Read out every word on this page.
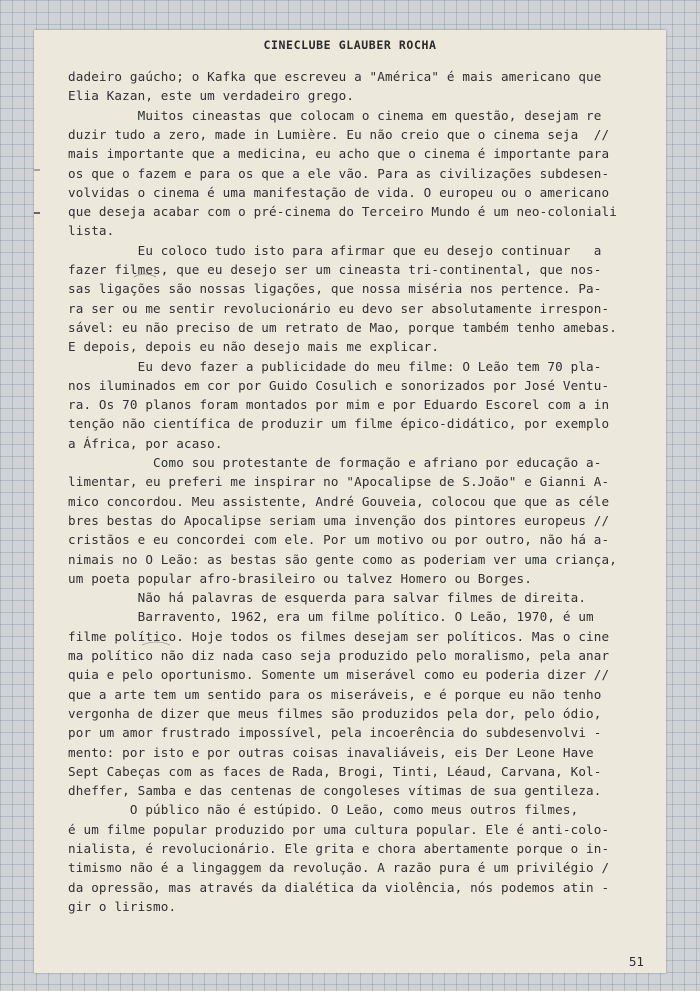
CINECLUBE GLAUBER ROCHA
dadeiro gaúcho; o Kafka que escreveu a "América" é mais americano que
Elia Kazan, este um verdadeiro grego.
Muitos cineastas que colocam o cinema em questão, desejam re
duzir tudo a zero, made in Lumière. Eu não creio que o cinema seja  //
mais importante que a medicina, eu acho que o cinema é importante para
os que o fazem e para os que a ele vão. Para as civilizações subdesen-
volvidas o cinema é uma manifestação de vida. O europeu ou o americano
que deseja acabar com o pré-cinema do Terceiro Mundo é um neo-coloniali
lista.
Eu coloco tudo isto para afirmar que eu desejo continuar   a
fazer filmes, que eu desejo ser um cineasta tri-continental, que nos-
sas ligações são nossas ligações, que nossa miséria nos pertence. Pa-
ra ser ou me sentir revolucionário eu devo ser absolutamente irrespon-
sável: eu não preciso de um retrato de Mao, porque também tenho amebas.
E depois, depois eu não desejo mais me explicar.
Eu devo fazer a publicidade do meu filme: O Leão tem 70 pla-
nos iluminados em cor por Guido Cosulich e sonorizados por José Ventu-
ra. Os 70 planos foram montados por mim e por Eduardo Escorel com a in
tenção não científica de produzir um filme épico-didático, por exemplo
a África, por acaso.
Como sou protestante de formação e afriano por educação a-
limentar, eu preferi me inspirar no "Apocalipse de S.João" e Gianni A-
mico concordou. Meu assistente, André Gouveia, colocou que que as céle
bres bestas do Apocalipse seriam uma invenção dos pintores europeus //
cristãos e eu concordei com ele. Por um motivo ou por outro, não há a-
nimais no O Leão: as bestas são gente como as poderiam ver uma criança,
um poeta popular afro-brasileiro ou talvez Homero ou Borges.
Não há palavras de esquerda para salvar filmes de direita.
Barravento, 1962, era um filme político. O Leão, 1970, é um
filme político. Hoje todos os filmes desejam ser políticos. Mas o cine
ma político não diz nada caso seja produzido pelo moralismo, pela anar
quia e pelo oportunismo. Somente um miserável como eu poderia dizer //
que a arte tem um sentido para os miseráveis, e é porque eu não tenho
vergonha de dizer que meus filmes são produzidos pela dor, pelo ódio,
por um amor frustrado impossível, pela incoerência do subdesenvolvi -
mento: por isto e por outras coisas inavaliáveis, eis Der Leone Have
Sept Cabeças com as faces de Rada, Brogi, Tinti, Léaud, Carvana, Kol-
dheffer, Samba e das centenas de congoleses vítimas de sua gentileza.
O público não é estúpido. O Leão, como meus outros filmes,
é um filme popular produzido por uma cultura popular. Ele é anti-colo-
nialista, é revolucionário. Ele grita e chora abertamente porque o in-
timismo não é a lingaggem da revolução. A razão pura é um privilégio /
da opressão, mas através da dialética da violência, nós podemos atin -
gir o lirismo.
51
